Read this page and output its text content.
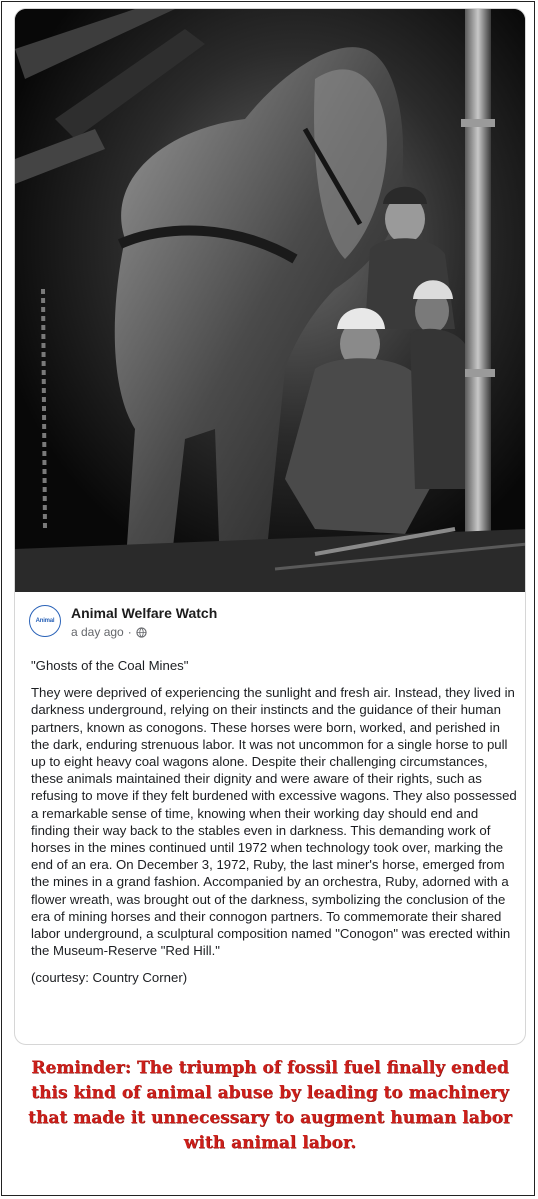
Animal Animal Welfare Watch
a day ago ·

"Ghosts of the Coal Mines"

They were deprived of experiencing the sunlight and fresh air. Instead, they lived in darkness underground, relying on their instincts and the guidance of their human partners, known as conogons. These horses were born, worked, and perished in the dark, enduring strenuous labor. It was not uncommon for a single horse to pull up to eight heavy coal wagons alone. Despite their challenging circumstances, these animals maintained their dignity and were aware of their rights, such as refusing to move if they felt burdened with excessive wagons. They also possessed a remarkable sense of time, knowing when their working day should end and finding their way back to the stables even in darkness. This demanding work of horses in the mines continued until 1972 when technology took over, marking the end of an era. On December 3, 1972, Ruby, the last miner's horse, emerged from the mines in a grand fashion. Accompanied by an orchestra, Ruby, adorned with a flower wreath, was brought out of the darkness, symbolizing the conclusion of the era of mining horses and their connogon partners. To commemorate their shared labor underground, a sculptural composition named "Conogon" was erected within the Museum-Reserve "Red Hill."

(courtesy: Country Corner)

Reminder: The triumph of fossil fuel finally ended this kind of animal abuse by leading to machinery that made it unnecessary to augment human labor with animal labor.
